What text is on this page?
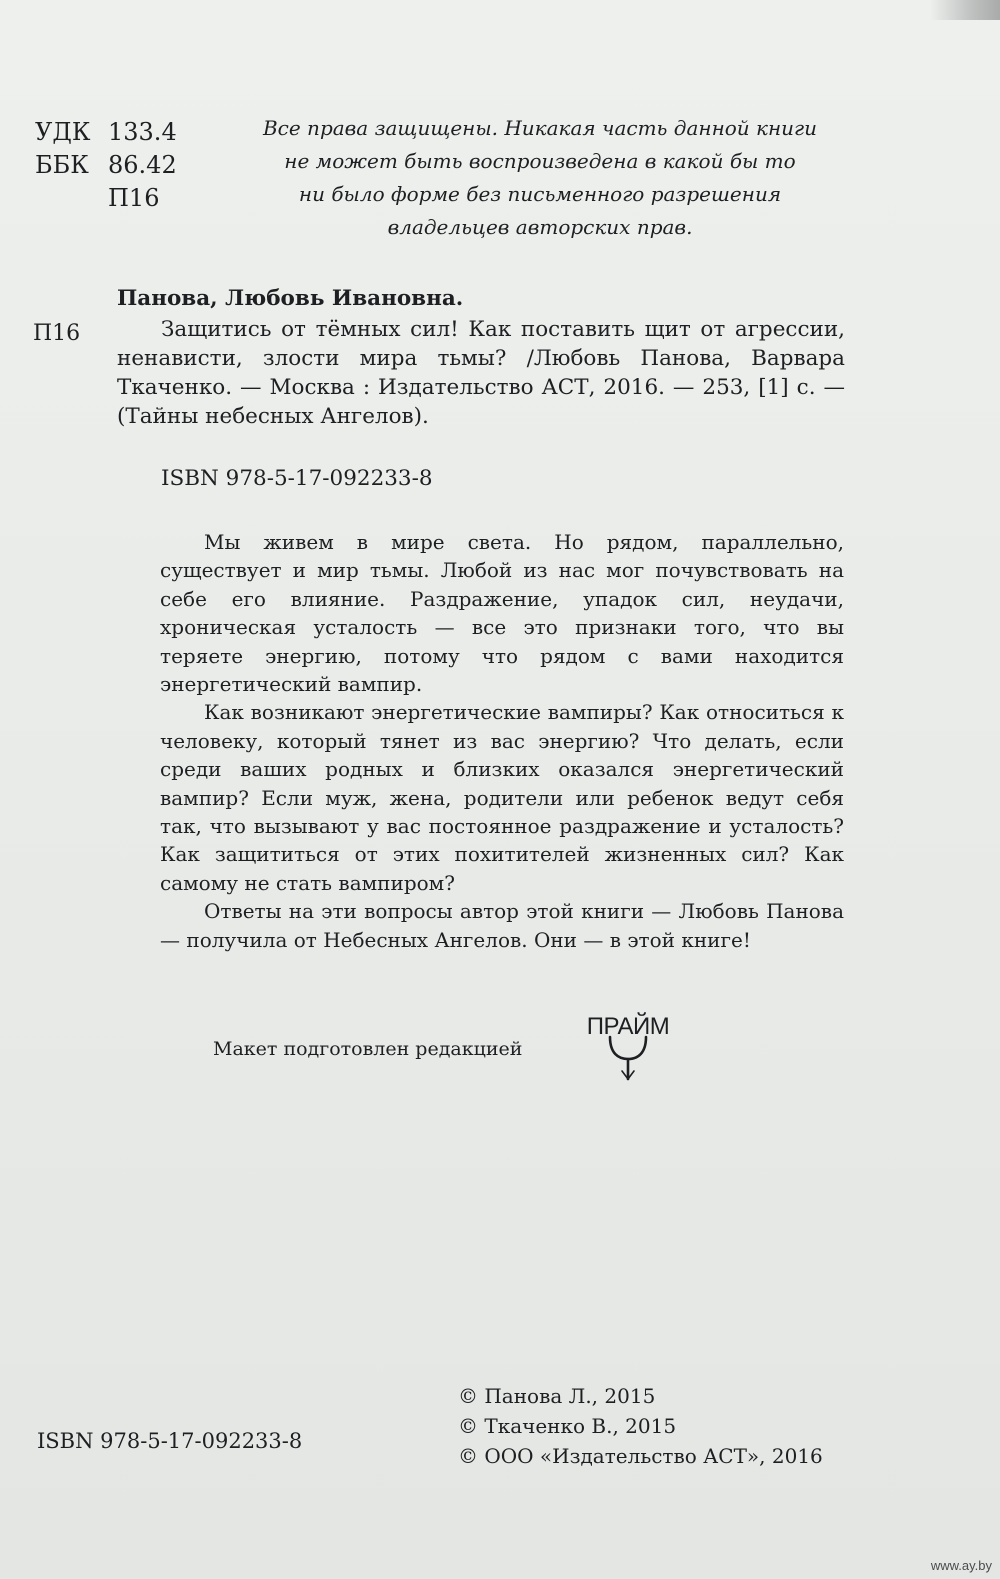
УДК 133.4
ББК 86.42
П16
Все права защищены. Никакая часть данной книги
не может быть воспроизведена в какой бы то
ни было форме без письменного разрешения
владельцев авторских прав.
Панова, Любовь Ивановна.
П16	Защитись от тёмных сил! Как поставить щит от агрессии, ненависти, злости мира тьмы? /Любовь Панова, Варвара Ткаченко. — Москва : Издательство АСТ, 2016. — 253, [1] c. — (Тайны небесных Ангелов).
ISBN 978-5-17-092233-8

Мы живем в мире света. Но рядом, параллельно, существует и мир тьмы. Любой из нас мог почувствовать на себе его влияние. Раздражение, упадок сил, неудачи, хроническая усталость — все это признаки того, что вы теряете энергию, потому что рядом с вами находится энергетический вампир.

Как возникают энергетические вампиры? Как относиться к человеку, который тянет из вас энергию? Что делать, если среди ваших родных и близких оказался энергетический вампир? Если муж, жена, родители или ребенок ведут себя так, что вызывают у вас постоянное раздражение и усталость? Как защититься от этих похитителей жизненных сил? Как самому не стать вампиром?

Ответы на эти вопросы автор этой книги — Любовь Панова — получила от Небесных Ангелов. Они — в этой книге!

Макет подготовлен редакцией
ПРАЙМ
ISBN 978-5-17-092233-8
© Панова Л., 2015
© Ткаченко В., 2015
© ООО «Издательство АСТ», 2016
www.ay.by
